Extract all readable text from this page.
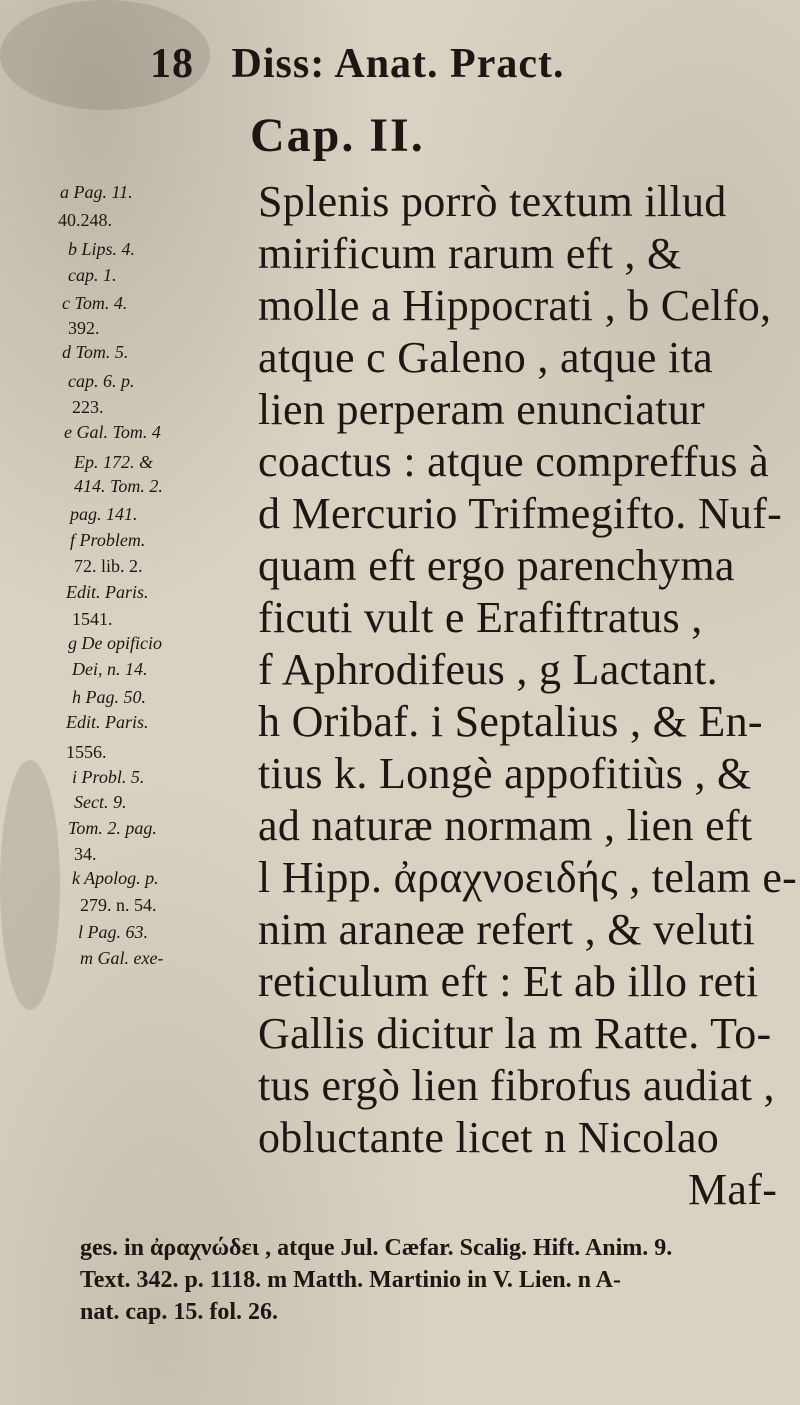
18 Diss: Anat. Pract.
Cap. II.
a Pag. 11.
40.248.
b Lips. 4.
cap. 1.
c Tom. 4.
392.
d Tom. 5.
cap. 6. p.
223.
e Gal. Tom. 4
Ep. 172. &
414. Tom. 2.
pag. 141.
f Problem.
72. lib. 2.
Edit. Paris.
1541.
g De opificio
Dei, n. 14.
h Pag. 50.
Edit. Paris.
1556.
i Probl. 5.
Sect. 9.
Tom. 2. pag.
34.
k Apolog. p.
279. n. 54.
l Pag. 63.
m Gal. exe-
Splenis porrò textum illud
mirificum rarum eft , &
molle a Hippocrati , b Celfo,
atque c Galeno , atque ita
lien perperam enunciatur
coactus : atque compreffus à
d Mercurio Trifmegifto. Nuf-
quam eft ergo parenchyma
ficuti vult e Erafiftratus ,
f Aphrodifeus , g Lactant.
h Oribaf. i Septalius , & En-
tius k. Longè appofitiùs , &
ad naturæ normam , lien eft
l Hipp. ἀραχνοειδής , telam e-
nim araneæ refert , & veluti
reticulum eft : Et ab illo reti
Gallis dicitur la m Ratte. To-
tus ergò lien fibrofus audiat ,
obluctante licet n Nicolao
Maf-
ges. in ἀραχνώδει , atque Jul. Cæfar. Scalig. Hift. Anim. 9.
Text. 342. p. 1118. m Matth. Martinio in V. Lien. n A-
nat. cap. 15. fol. 26.
